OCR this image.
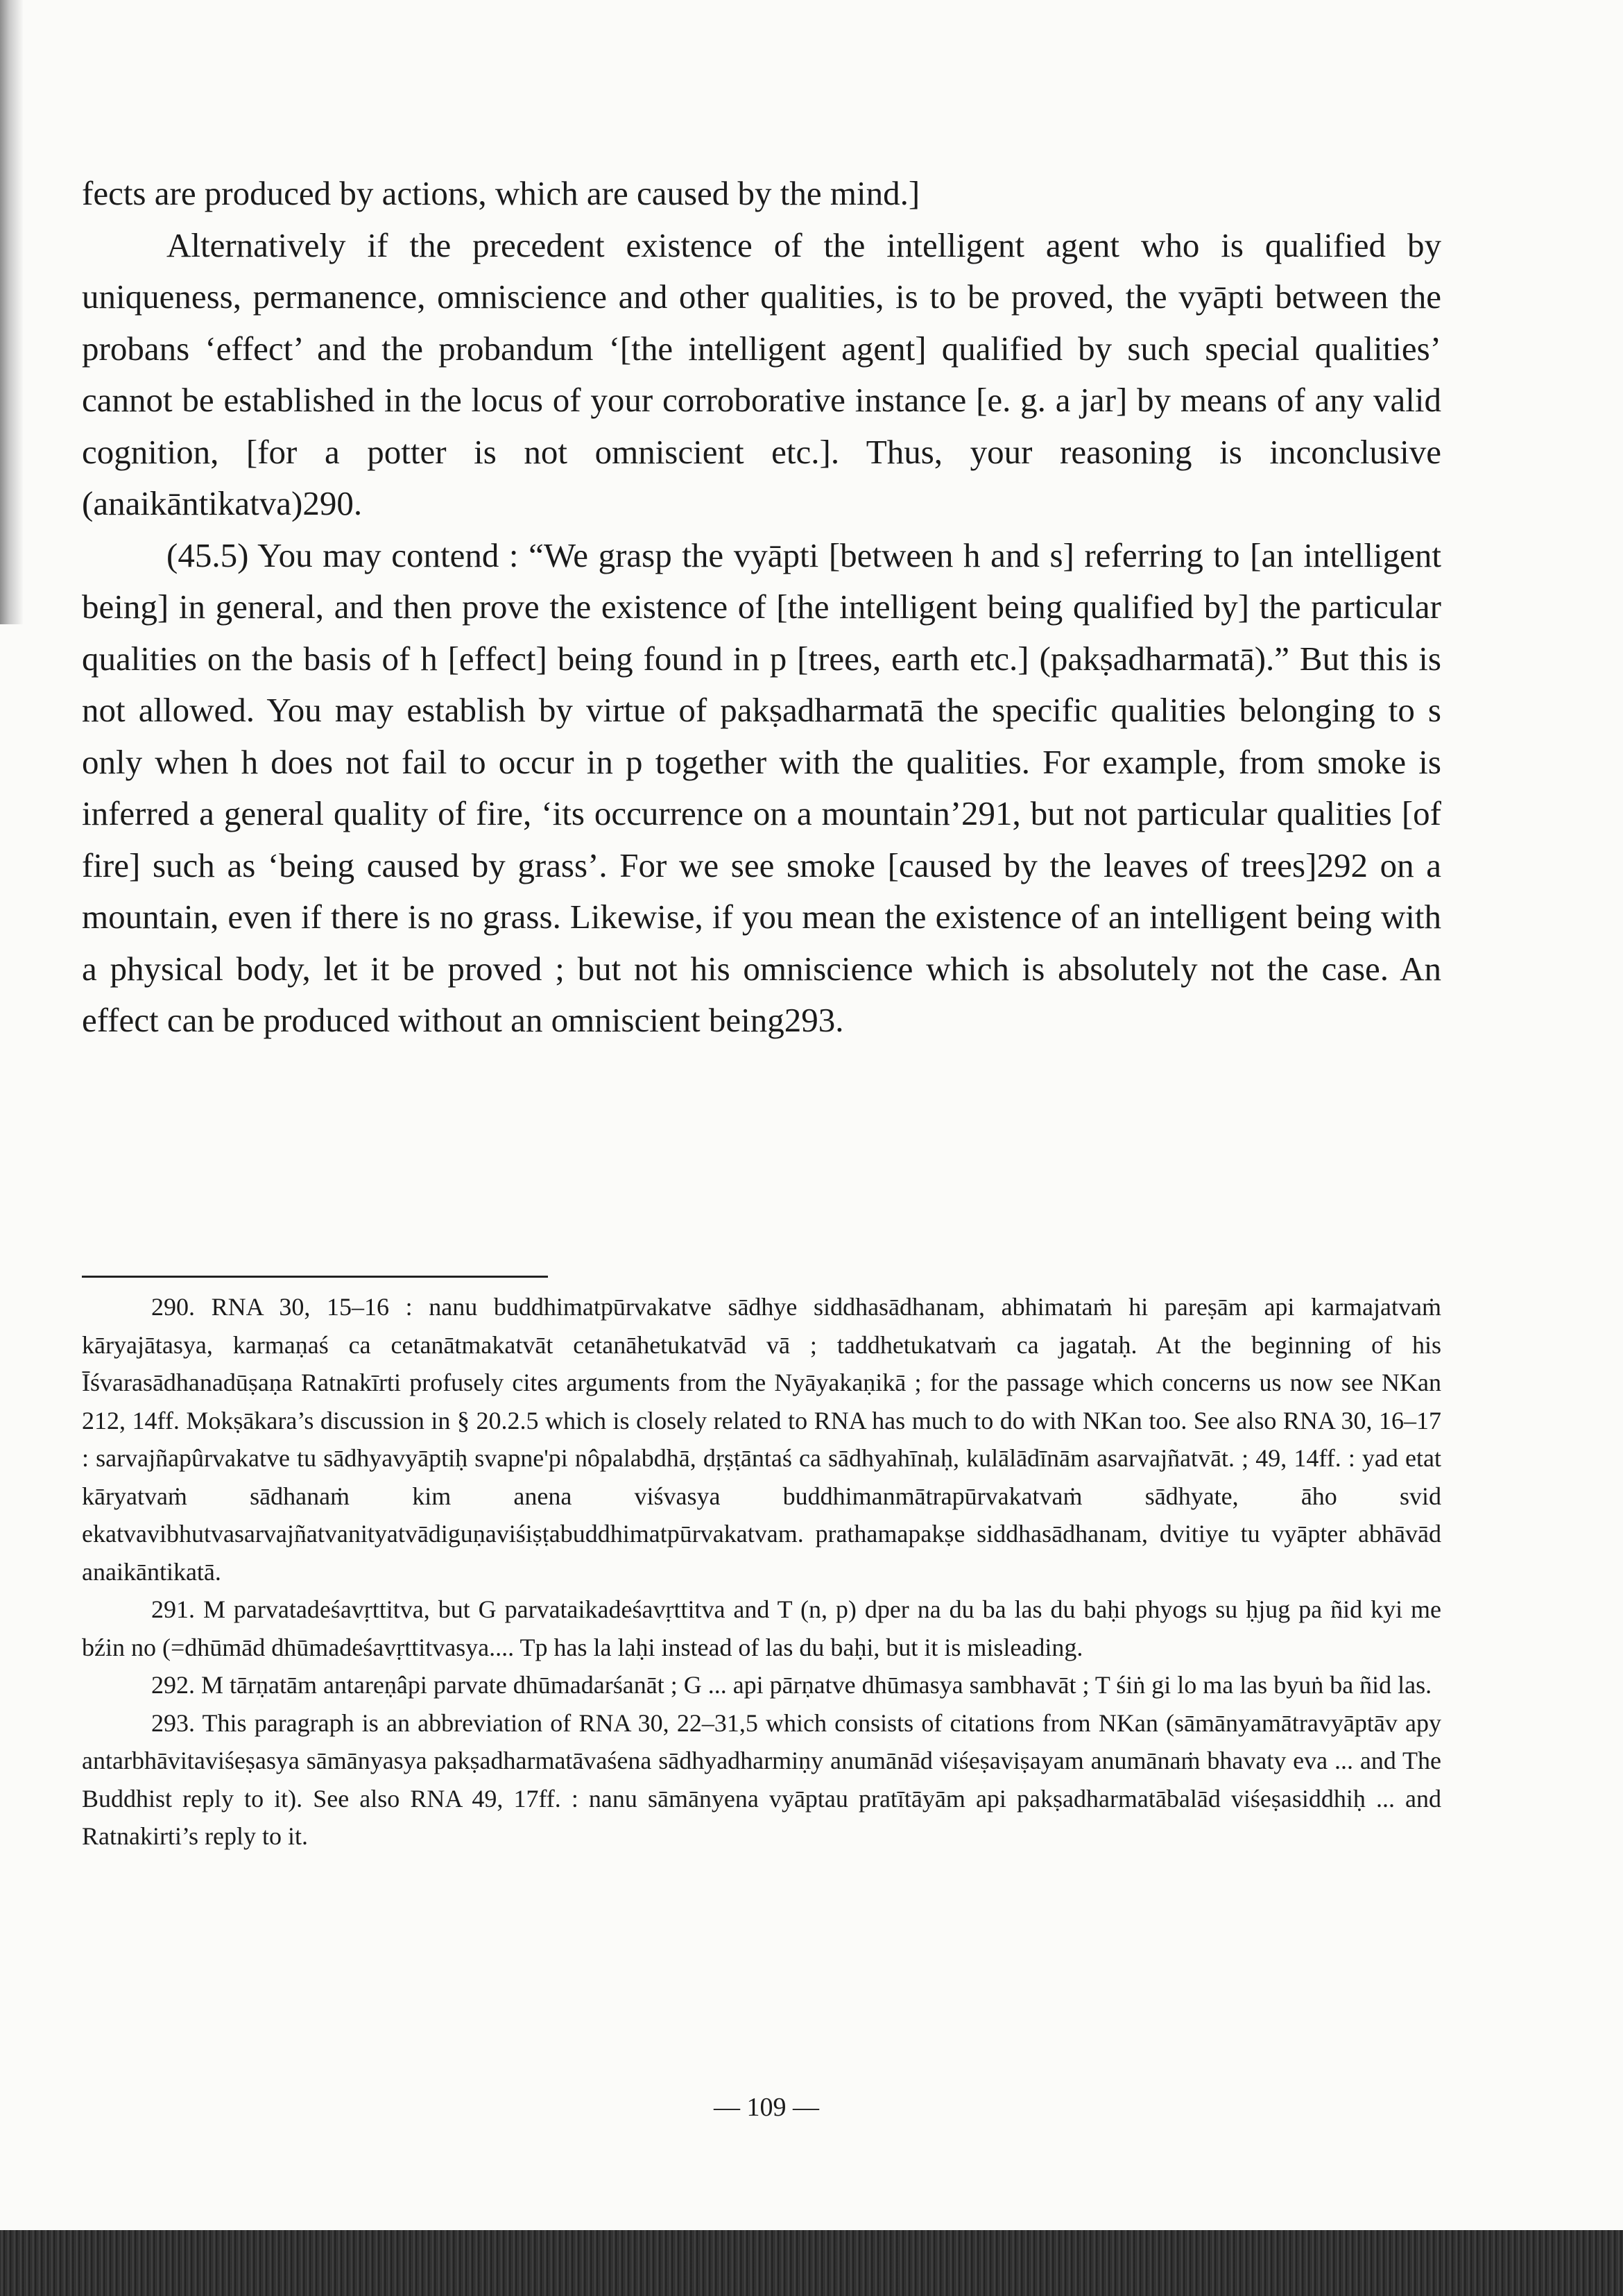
fects are produced by actions, which are caused by the mind.]

Alternatively if the precedent existence of the intelligent agent who is qualified by uniqueness, permanence, omniscience and other qualities, is to be proved, the vyāpti between the probans ‘effect’ and the probandum ‘[the intelligent agent] qualified by such special qualities’ cannot be established in the locus of your corroborative instance [e. g. a jar] by means of any valid cognition, [for a potter is not omniscient etc.]. Thus, your reasoning is inconclusive (anaikāntikatva)290.

(45.5) You may contend : “We grasp the vyāpti [between h and s] referring to [an intelligent being] in general, and then prove the existence of [the intelligent being qualified by] the particular qualities on the basis of h [effect] being found in p [trees, earth etc.] (pakṣadharmatā).” But this is not allowed. You may establish by virtue of pakṣadharmatā the specific qualities belonging to s only when h does not fail to occur in p together with the qualities. For example, from smoke is inferred a general quality of fire, ‘its occurrence on a mountain’291, but not particular qualities [of fire] such as ‘being caused by grass’. For we see smoke [caused by the leaves of trees]292 on a mountain, even if there is no grass. Likewise, if you mean the existence of an intelligent being with a physical body, let it be proved ; but not his omniscience which is absolutely not the case. An effect can be produced without an omniscient being293.

290. RNA 30, 15–16 : nanu buddhimatpūrvakatve sādhye siddhasādhanam, abhimataṁ hi pareṣām api karmajatvaṁ kāryajātasya, karmaṇaś ca cetanātmakatvāt cetanāhetukatvād vā ; taddhetukatvaṁ ca jagataḥ. At the beginning of his Īśvarasādhanadūṣaṇa Ratnakīrti profusely cites arguments from the Nyāyakaṇikā ; for the passage which concerns us now see NKan 212, 14ff. Mokṣākara’s discussion in § 20.2.5 which is closely related to RNA has much to do with NKan too. See also RNA 30, 16–17 : sarvajñapûrvakatve tu sādhyavyāptiḥ svapne'pi nôpalabdhā, dṛṣṭāntaś ca sādhyahīnaḥ, kulālādīnām asarvajñatvāt. ; 49, 14ff. : yad etat kāryatvaṁ sādhanaṁ kim anena viśvasya buddhimanmātrapūrvakatvaṁ sādhyate, āho svid ekatvavibhutvasarvajñatvanityatvādiguṇaviśiṣṭabuddhimatpūrvakatvam. prathamapakṣe siddhasādhanam, dvitiye tu vyāpter abhāvād anaikāntikatā.

291. M parvatadeśavṛttitva, but G parvataikadeśavṛttitva and T (n, p) dper na du ba las du baḥi phyogs su ḥjug pa ñid kyi me bźin no (=dhūmād dhūmadeśavṛttitvasya.... Tp has la laḥi instead of las du baḥi, but it is misleading.

292. M tārṇatām antareṇâpi parvate dhūmadarśanāt ; G ... api pārṇatve dhūmasya sambhavāt ; T śiṅ gi lo ma las byuṅ ba ñid las.

293. This paragraph is an abbreviation of RNA 30, 22–31,5 which consists of citations from NKan (sāmānyamātravyāptāv apy antarbhāvitaviśeṣasya sāmānyasya pakṣadharmatāvaśena sādhyadharmiṇy anumānād viśeṣaviṣayam anumānaṁ bhavaty eva ... and The Buddhist reply to it). See also RNA 49, 17ff. : nanu sāmānyena vyāptau pratītāyām api pakṣadharmatābalād viśeṣasiddhiḥ ... and Ratnakirti’s reply to it.

— 109 —
